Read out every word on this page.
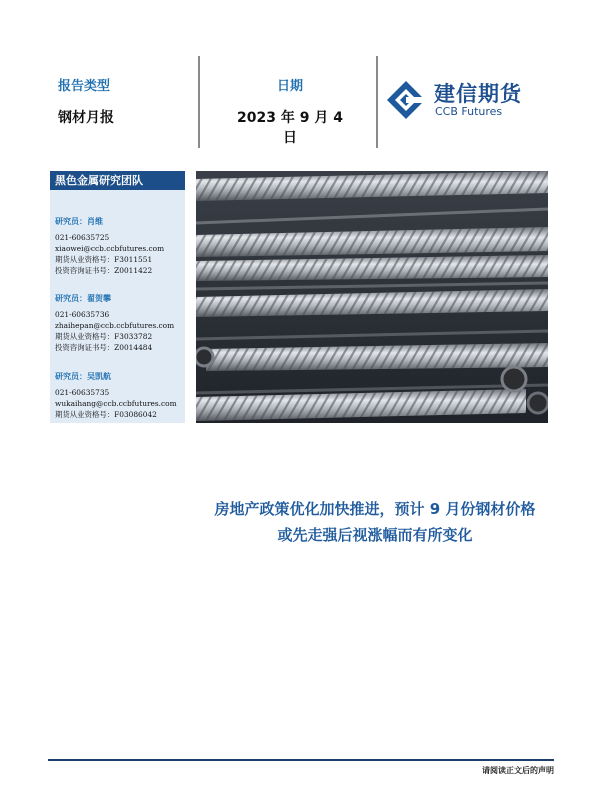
报告类型
钢材月报
日期
2023 年 9 月 4 日
建信期货
CCB Futures
黑色金属研究团队
研究员：肖维
021-60635725
xiaowei@ccb.ccbfutures.com
期货从业资格号：F3011551
投资咨询证书号：Z0011422
研究员：翟贺攀
021-60635736
zhaihepan@ccb.ccbfutures.com
期货从业资格号：F3033782
投资咨询证书号：Z0014484
研究员：吴凯航
021-60635735
wukaihang@ccb.ccbfutures.com
期货从业资格号：F03086042
房地产政策优化加快推进，预计 9 月份钢材价格
或先走强后视涨幅而有所变化
请阅读正文后的声明
